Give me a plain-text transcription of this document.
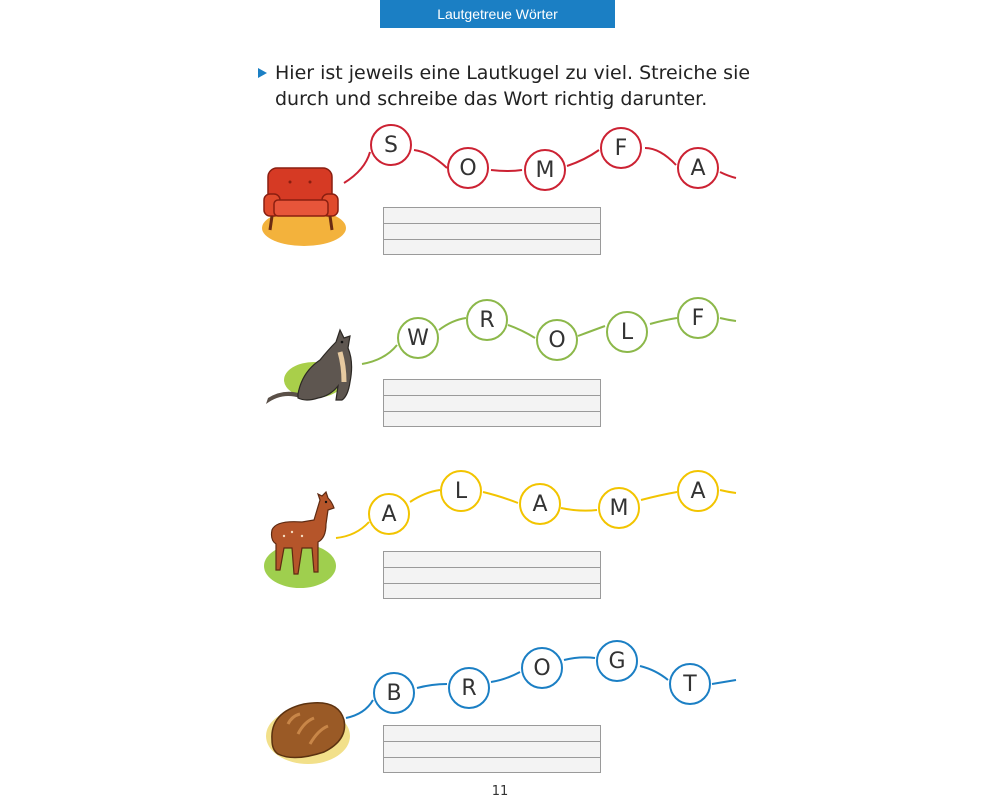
Lautgetreue Wörter
Hier ist jeweils eine Lautkugel zu viel. Streiche sie durch und schreibe das Wort richtig darunter.
S
O	M
F
A
W
R
O	L
F
A
L
A	M
A
B	R
O	G
T
11
